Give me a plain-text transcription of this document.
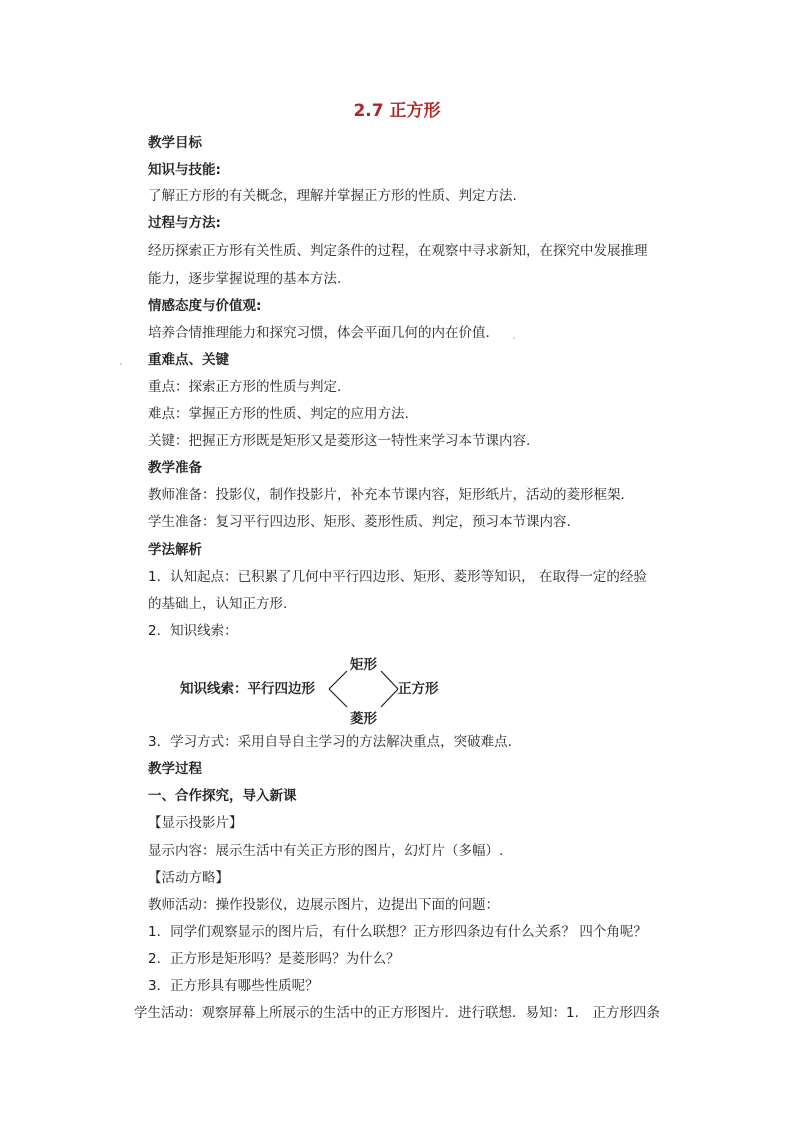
2.7 正方形
教学目标
知识与技能:
了解正方形的有关概念，理解并掌握正方形的性质、判定方法.
过程与方法:
经历探索正方形有关性质、判定条件的过程，在观察中寻求新知，在探究中发展推理
能力，逐步掌握说理的基本方法.
情感态度与价值观:
培养合情推理能力和探究习惯，体会平面几何的内在价值. .
. 重难点、关键
重点：探索正方形的性质与判定.
难点：掌握正方形的性质、判定的应用方法.
关键：把握正方形既是矩形又是菱形这一特性来学习本节课内容.
教学准备
教师准备：投影仪，制作投影片，补充本节课内容，矩形纸片，活动的菱形框架.
学生准备：复习平行四边形、矩形、菱形性质、判定，预习本节课内容.
学法解析
1．认知起点：已积累了几何中平行四边形、矩形、菱形等知识， 在取得一定的经验
的基础上，认知正方形.
2．知识线索：
知识线索：平行四边形
矩形
菱形
正方形
3．学习方式：采用自导自主学习的方法解决重点，突破难点.
教学过程
一、合作探究，导入新课
【显示投影片】
显示内容：展示生活中有关正方形的图片，幻灯片（多幅）.
【活动方略】
教师活动：操作投影仪，边展示图片，边提出下面的问题：
1．同学们观察显示的图片后，有什么联想？正方形四条边有什么关系？ 四个角呢？
2．正方形是矩形吗？是菱形吗？为什么？
3．正方形具有哪些性质呢？
学生活动：观察屏幕上所展示的生活中的正方形图片．进行联想．易知：1． 正方形四条
